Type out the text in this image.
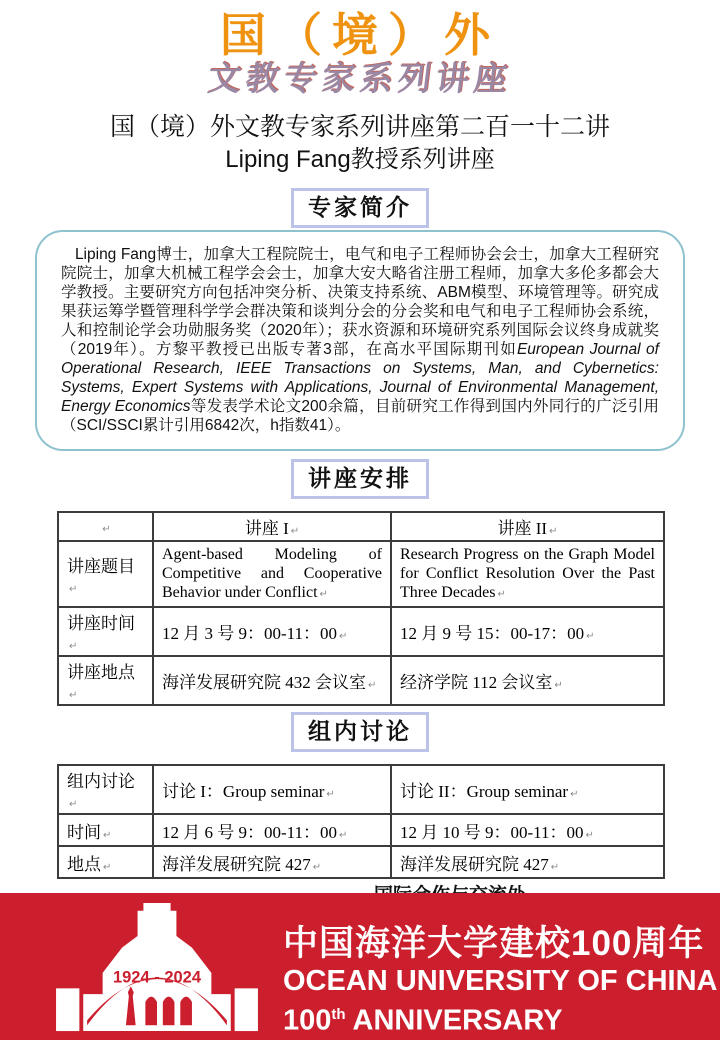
国（境）外
文教专家系列讲座
国（境）外文教专家系列讲座第二百一十二讲
Liping Fang教授系列讲座
专家简介
Liping Fang博士，加拿大工程院院士，电气和电子工程师协会会士，加拿大工程研究院院士，加拿大机械工程学会会士，加拿大安大略省注册工程师，加拿大多伦多都会大学教授。主要研究方向包括冲突分析、决策支持系统、ABM模型、环境管理等。研究成果获运筹学暨管理科学学会群决策和谈判分会的分会奖和电气和电子工程师协会系统，人和控制论学会功勋服务奖（2020年）；获水资源和环境研究系列国际会议终身成就奖（2019年）。方黎平教授已出版专著3部，在高水平国际期刊如European Journal of Operational Research, IEEE Transactions on Systems, Man, and Cybernetics: Systems, Expert Systems with Applications, Journal of Environmental Management, Energy Economics等发表学术论文200余篇，目前研究工作得到国内外同行的广泛引用（SCI/SSCI累计引用6842次，h指数41）。
讲座安排
↵	讲座 I ↵	讲座 II ↵
讲座题目↵	Agent-based Modeling of Competitive and Cooperative Behavior under Conflict ↵	Research Progress on the Graph Model for Conflict Resolution Over the Past Three Decades ↵
讲座时间↵	12 月 3 号 9：00-11：00 ↵	12 月 9 号 15：00-17：00 ↵
讲座地点↵	海洋发展研究院 432 会议室 ↵	经济学院 112 会议室 ↵
组内讨论
组内讨论↵	讨论 I：Group seminar ↵	讨论 II：Group seminar ↵
时间 ↵	12 月 6 号 9：00-11：00 ↵	12 月 10 号 9：00-11：00 ↵
地点 ↵	海洋发展研究院 427 ↵	海洋发展研究院 427 ↵
1924 - 2024
中国海洋大学建校100周年
OCEAN UNIVERSITY OF CHINA
100th ANNIVERSARY
